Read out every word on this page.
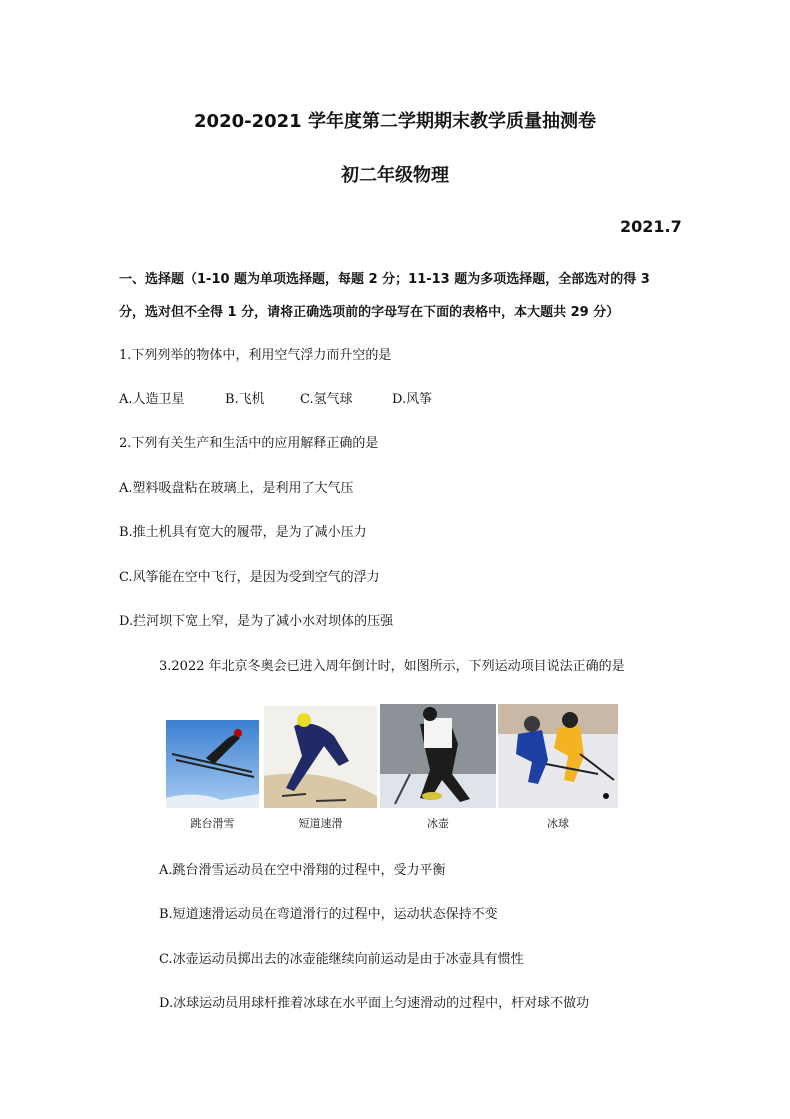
2020-2021 学年度第二学期期末教学质量抽测卷
初二年级物理
2021.7
一、选择题（1-10 题为单项选择题，每题 2 分；11-13 题为多项选择题，全部选对的得 3
分，选对但不全得 1 分，请将正确选项前的字母写在下面的表格中，本大题共 29 分）
1.下列列举的物体中，利用空气浮力而升空的是
A.人造卫星	B.飞机	C.氢气球	D.风筝
2.下列有关生产和生活中的应用解释正确的是
A.塑料吸盘粘在玻璃上，是利用了大气压
B.推土机具有宽大的履带，是为了减小压力
C.风筝能在空中飞行，是因为受到空气的浮力
D.拦河坝下宽上窄，是为了减小水对坝体的压强
3.2022 年北京冬奥会已进入周年倒计时，如图所示，下列运动项目说法正确的是
跳台滑雪	短道速滑	冰壶	冰球
A.跳台滑雪运动员在空中滑翔的过程中，受力平衡
B.短道速滑运动员在弯道滑行的过程中，运动状态保持不变
C.冰壶运动员掷出去的冰壶能继续向前运动是由于冰壶具有惯性
D.冰球运动员用球杆推着冰球在水平面上匀速滑动的过程中，杆对球不做功
